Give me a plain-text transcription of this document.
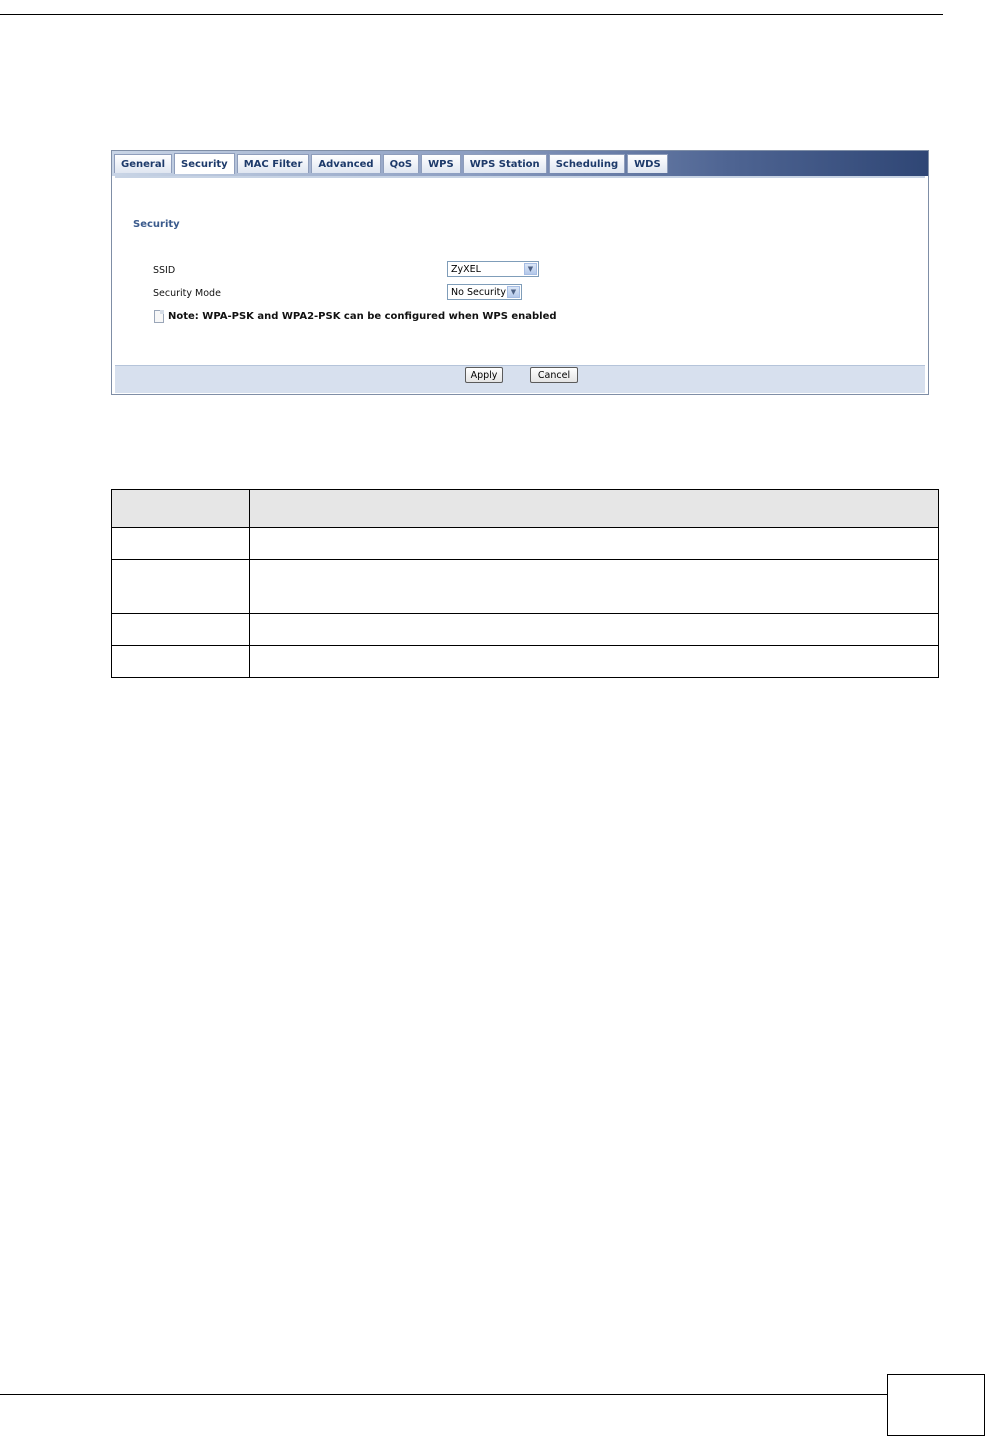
General	Security	MAC Filter	Advanced	QoS	WPS	WPS Station	Scheduling	WDS
Security
SSID	ZyXEL	▼
Security Mode	No Security ▼
Note: WPA-PSK and WPA2-PSK can be configured when WPS enabled
Apply	Cancel
